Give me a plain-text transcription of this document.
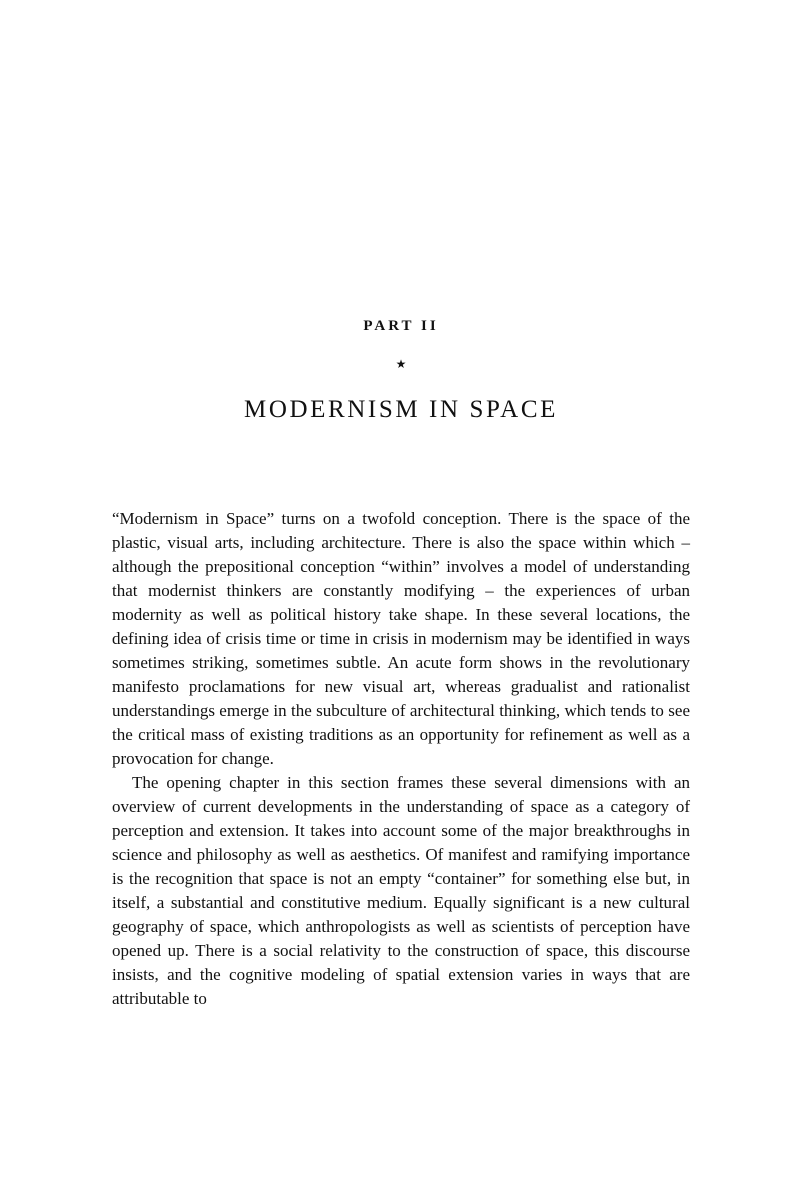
PART II
★
MODERNISM IN SPACE

“Modernism in Space” turns on a twofold conception. There is the space of the plastic, visual arts, including architecture. There is also the space within which – although the prepositional conception “within” involves a model of understanding that modernist thinkers are constantly modifying – the experiences of urban modernity as well as political history take shape. In these several locations, the defining idea of crisis time or time in crisis in modernism may be identified in ways sometimes striking, sometimes subtle. An acute form shows in the revolutionary manifesto proclamations for new visual art, whereas gradualist and rationalist understandings emerge in the subculture of architectural thinking, which tends to see the critical mass of existing traditions as an opportunity for refinement as well as a provocation for change.

The opening chapter in this section frames these several dimensions with an overview of current developments in the understanding of space as a category of perception and extension. It takes into account some of the major breakthroughs in science and philosophy as well as aesthetics. Of manifest and ramifying importance is the recognition that space is not an empty “container” for something else but, in itself, a substantial and constitutive medium. Equally significant is a new cultural geography of space, which anthropologists as well as scientists of perception have opened up. There is a social relativity to the construction of space, this discourse insists, and the cognitive modeling of spatial extension varies in ways that are attributable to
